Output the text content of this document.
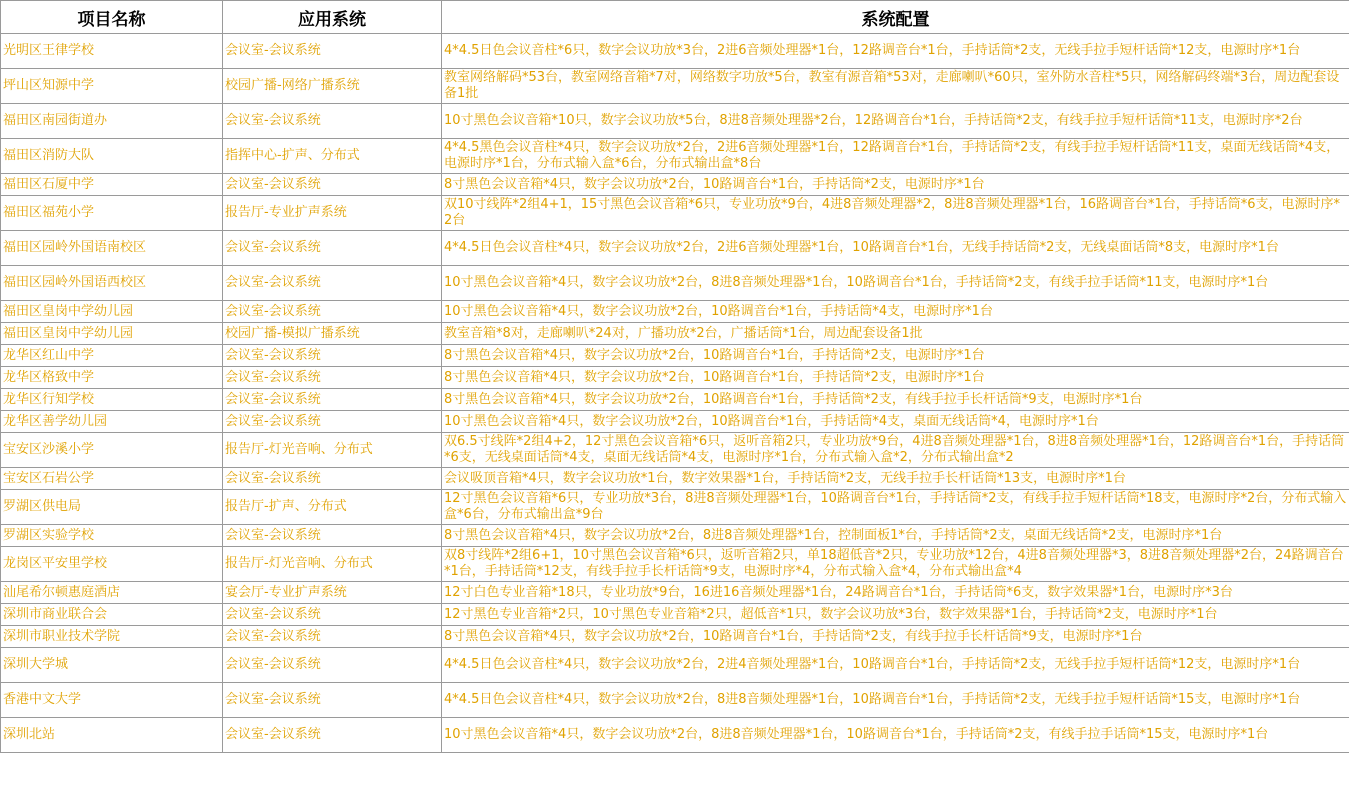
项目名称	应用系统	系统配置
光明区王律学校	会议室-会议系统	4*4.5日色会议音柱*6只，数字会议功放*3台，2进6音频处理器*1台，12路调音台*1台，手持话筒*2支，无线手拉手短杆话筒*12支，电源时序*1台
坪山区知源中学	校园广播-网络广播系统	教室网络解码*53台，教室网络音箱*7对，网络数字功放*5台，教室有源音箱*53对，走廊喇叭*60只，室外防水音柱*5只，网络解码终端*3台，周边配套设备1批
福田区南园街道办	会议室-会议系统	10寸黑色会议音箱*10只，数字会议功放*5台，8进8音频处理器*2台，12路调音台*1台，手持话筒*2支，有线手拉手短杆话筒*11支，电源时序*2台
福田区消防大队	指挥中心-扩声、分布式	4*4.5黑色会议音柱*4只，数字会议功放*2台，2进6音频处理器*1台，12路调音台*1台，手持话筒*2支，有线手拉手短杆话筒*11支，桌面无线话筒*4支，电源时序*1台，分布式输入盒*6台，分布式输出盒*8台
福田区石厦中学	会议室-会议系统	8寸黑色会议音箱*4只，数字会议功放*2台，10路调音台*1台，手持话筒*2支，电源时序*1台
福田区福苑小学	报告厅-专业扩声系统	双10寸线阵*2组4+1，15寸黑色会议音箱*6只，专业功放*9台，4进8音频处理器*2，8进8音频处理器*1台，16路调音台*1台，手持话筒*6支，电源时序*2台
福田区园岭外国语南校区	会议室-会议系统	4*4.5日色会议音柱*4只，数字会议功放*2台，2进6音频处理器*1台，10路调音台*1台，无线手持话筒*2支，无线桌面话筒*8支，电源时序*1台
福田区园岭外国语西校区	会议室-会议系统	10寸黑色会议音箱*4只，数字会议功放*2台，8进8音频处理器*1台，10路调音台*1台，手持话筒*2支，有线手拉手话筒*11支，电源时序*1台
福田区皇岗中学幼儿园	会议室-会议系统	10寸黑色会议音箱*4只，数字会议功放*2台，10路调音台*1台，手持话筒*4支，电源时序*1台
福田区皇岗中学幼儿园	校园广播-模拟广播系统	教室音箱*8对，走廊喇叭*24对，广播功放*2台，广播话筒*1台，周边配套设备1批
龙华区红山中学	会议室-会议系统	8寸黑色会议音箱*4只，数字会议功放*2台，10路调音台*1台，手持话筒*2支，电源时序*1台
龙华区格致中学	会议室-会议系统	8寸黑色会议音箱*4只，数字会议功放*2台，10路调音台*1台，手持话筒*2支，电源时序*1台
龙华区行知学校	会议室-会议系统	8寸黑色会议音箱*4只，数字会议功放*2台，10路调音台*1台，手持话筒*2支，有线手拉手长杆话筒*9支，电源时序*1台
龙华区善学幼儿园	会议室-会议系统	10寸黑色会议音箱*4只，数字会议功放*2台，10路调音台*1台，手持话筒*4支，桌面无线话筒*4，电源时序*1台
宝安区沙溪小学	报告厅-灯光音响、分布式	双6.5寸线阵*2组4+2，12寸黑色会议音箱*6只，返听音箱2只，专业功放*9台，4进8音频处理器*1台，8进8音频处理器*1台，12路调音台*1台，手持话筒*6支，无线桌面话筒*4支，桌面无线话筒*4支，电源时序*1台，分布式输入盒*2，分布式输出盒*2
宝安区石岩公学	会议室-会议系统	会议吸顶音箱*4只，数字会议功放*1台，数字效果器*1台，手持话筒*2支，无线手拉手长杆话筒*13支，电源时序*1台
罗湖区供电局	报告厅-扩声、分布式	12寸黑色会议音箱*6只，专业功放*3台，8进8音频处理器*1台，10路调音台*1台，手持话筒*2支，有线手拉手短杆话筒*18支，电源时序*2台，分布式输入盒*6台，分布式输出盒*9台
罗湖区实验学校	会议室-会议系统	8寸黑色会议音箱*4只，数字会议功放*2台，8进8音频处理器*1台，控制面板1*台，手持话筒*2支，桌面无线话筒*2支，电源时序*1台
龙岗区平安里学校	报告厅-灯光音响、分布式	双8寸线阵*2组6+1，10寸黑色会议音箱*6只，返听音箱2只，单18超低音*2只，专业功放*12台，4进8音频处理器*3，8进8音频处理器*2台，24路调音台*1台，手持话筒*12支，有线手拉手长杆话筒*9支，电源时序*4，分布式输入盒*4，分布式输出盒*4
汕尾希尔顿惠庭酒店	宴会厅-专业扩声系统	12寸白色专业音箱*18只，专业功放*9台，16进16音频处理器*1台，24路调音台*1台，手持话筒*6支，数字效果器*1台，电源时序*3台
深圳市商业联合会	会议室-会议系统	12寸黑色专业音箱*2只，10寸黑色专业音箱*2只，超低音*1只，数字会议功放*3台，数字效果器*1台，手持话筒*2支，电源时序*1台
深圳市职业技术学院	会议室-会议系统	8寸黑色会议音箱*4只，数字会议功放*2台，10路调音台*1台，手持话筒*2支，有线手拉手长杆话筒*9支，电源时序*1台
深圳大学城	会议室-会议系统	4*4.5日色会议音柱*4只，数字会议功放*2台，2进4音频处理器*1台，10路调音台*1台，手持话筒*2支，无线手拉手短杆话筒*12支，电源时序*1台
香港中文大学	会议室-会议系统	4*4.5日色会议音柱*4只，数字会议功放*2台，8进8音频处理器*1台，10路调音台*1台，手持话筒*2支，无线手拉手短杆话筒*15支，电源时序*1台
深圳北站	会议室-会议系统	10寸黑色会议音箱*4只，数字会议功放*2台，8进8音频处理器*1台，10路调音台*1台，手持话筒*2支，有线手拉手话筒*15支，电源时序*1台
